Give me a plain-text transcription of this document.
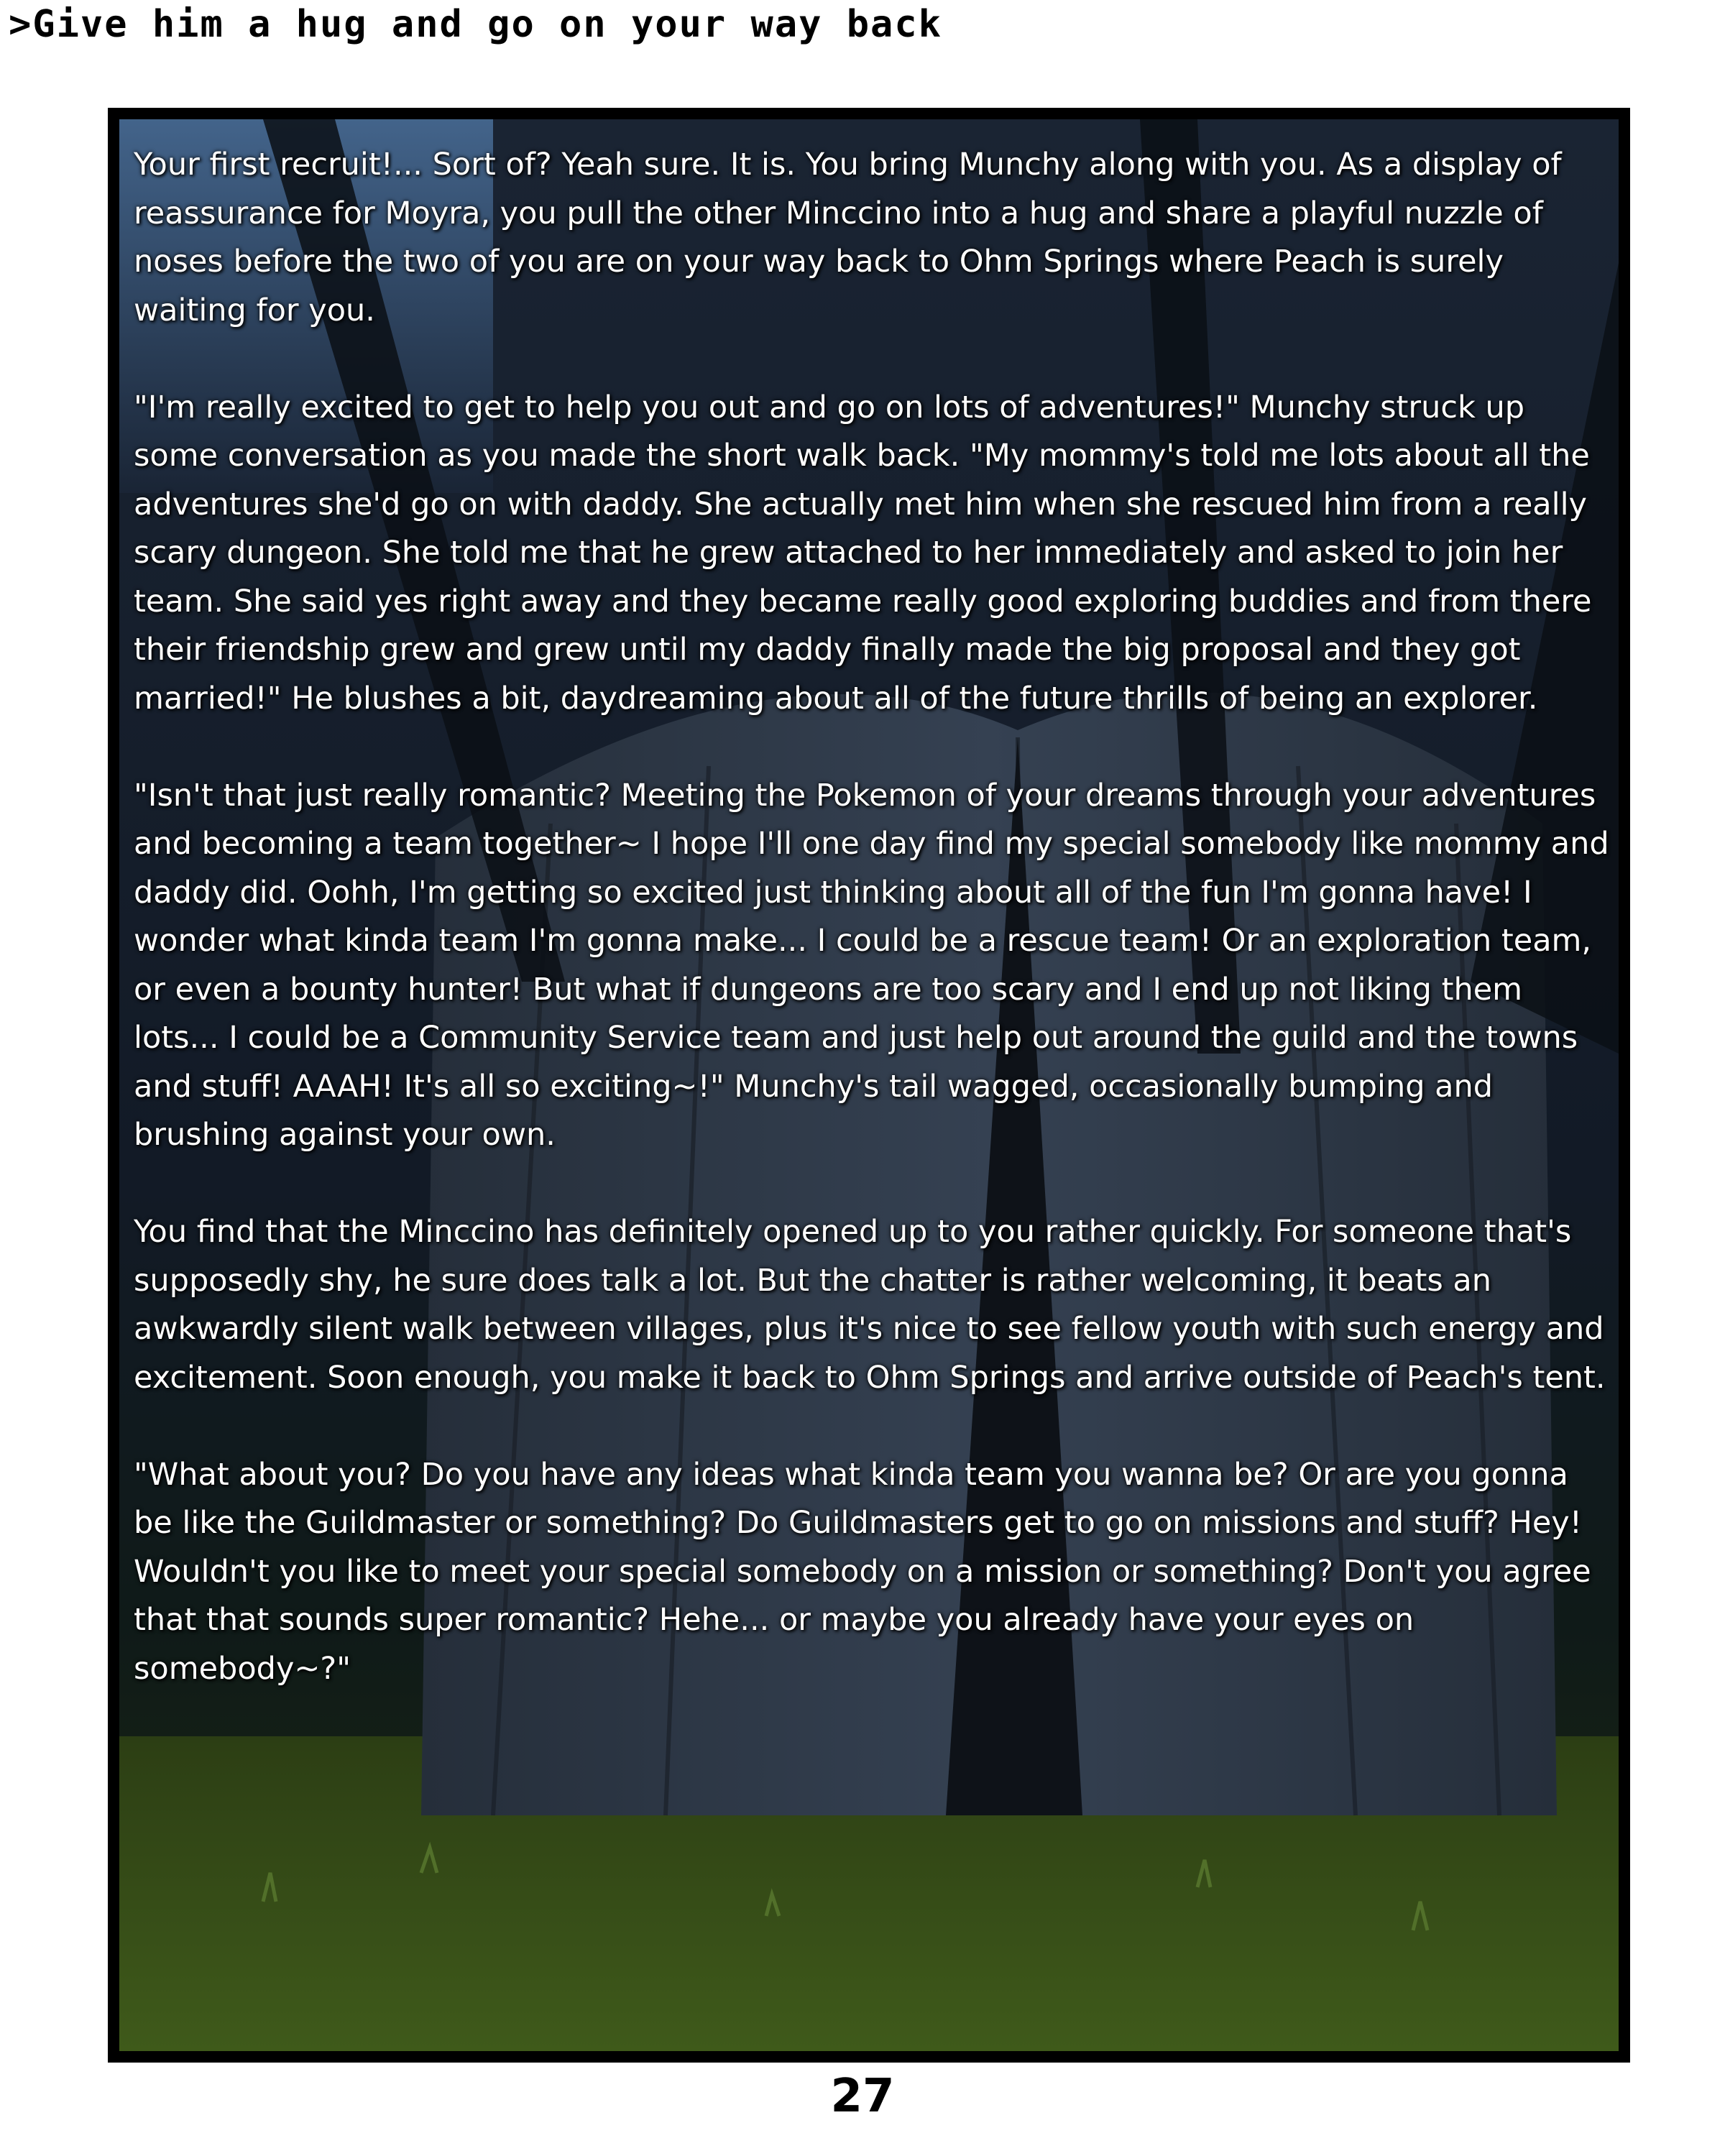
>Give him a hug and go on your way back

Your first recruit!... Sort of? Yeah sure. It is. You bring Munchy along with you. As a display of reassurance for Moyra, you pull the other Minccino into a hug and share a playful nuzzle of noses before the two of you are on your way back to Ohm Springs where Peach is surely waiting for you.

"I'm really excited to get to help you out and go on lots of adventures!" Munchy struck up some conversation as you made the short walk back. "My mommy's told me lots about all the adventures she'd go on with daddy. She actually met him when she rescued him from a really scary dungeon. She told me that he grew attached to her immediately and asked to join her team. She said yes right away and they became really good exploring buddies and from there their friendship grew and grew until my daddy finally made the big proposal and they got married!" He blushes a bit, daydreaming about all of the future thrills of being an explorer.

"Isn't that just really romantic? Meeting the Pokemon of your dreams through your adventures and becoming a team together~ I hope I'll one day find my special somebody like mommy and daddy did. Oohh, I'm getting so excited just thinking about all of the fun I'm gonna have! I wonder what kinda team I'm gonna make... I could be a rescue team! Or an exploration team, or even a bounty hunter! But what if dungeons are too scary and I end up not liking them lots... I could be a Community Service team and just help out around the guild and the towns and stuff! AAAH! It's all so exciting~!" Munchy's tail wagged, occasionally bumping and brushing against your own.

You find that the Minccino has definitely opened up to you rather quickly. For someone that's supposedly shy, he sure does talk a lot. But the chatter is rather welcoming, it beats an awkwardly silent walk between villages, plus it's nice to see fellow youth with such energy and excitement. Soon enough, you make it back to Ohm Springs and arrive outside of Peach's tent.

"What about you? Do you have any ideas what kinda team you wanna be? Or are you gonna be like the Guildmaster or something? Do Guildmasters get to go on missions and stuff? Hey! Wouldn't you like to meet your special somebody on a mission or something? Don't you agree that that sounds super romantic? Hehe... or maybe you already have your eyes on somebody~?"

27
